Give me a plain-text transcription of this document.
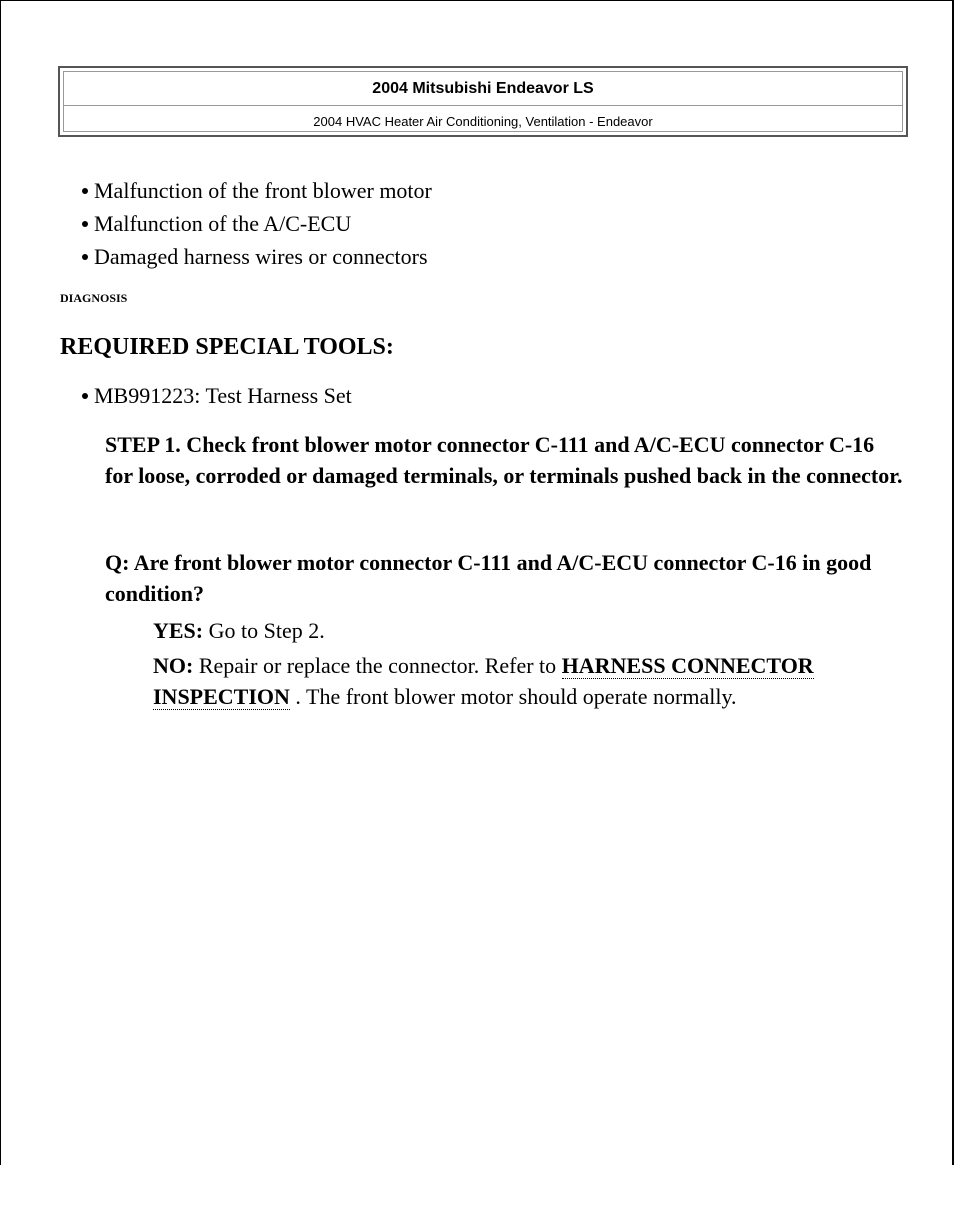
2004 Mitsubishi Endeavor LS
2004 HVAC Heater Air Conditioning, Ventilation - Endeavor
Malfunction of the front blower motor
Malfunction of the A/C-ECU
Damaged harness wires or connectors
DIAGNOSIS
REQUIRED SPECIAL TOOLS:
MB991223: Test Harness Set

STEP 1. Check front blower motor connector C-111 and A/C-ECU connector C-16 for loose, corroded or damaged terminals, or terminals pushed back in the connector.

Q: Are front blower motor connector C-111 and A/C-ECU connector C-16 in good condition?

YES: Go to Step 2.

NO: Repair or replace the connector. Refer to HARNESS CONNECTOR INSPECTION . The front blower motor should operate normally.
